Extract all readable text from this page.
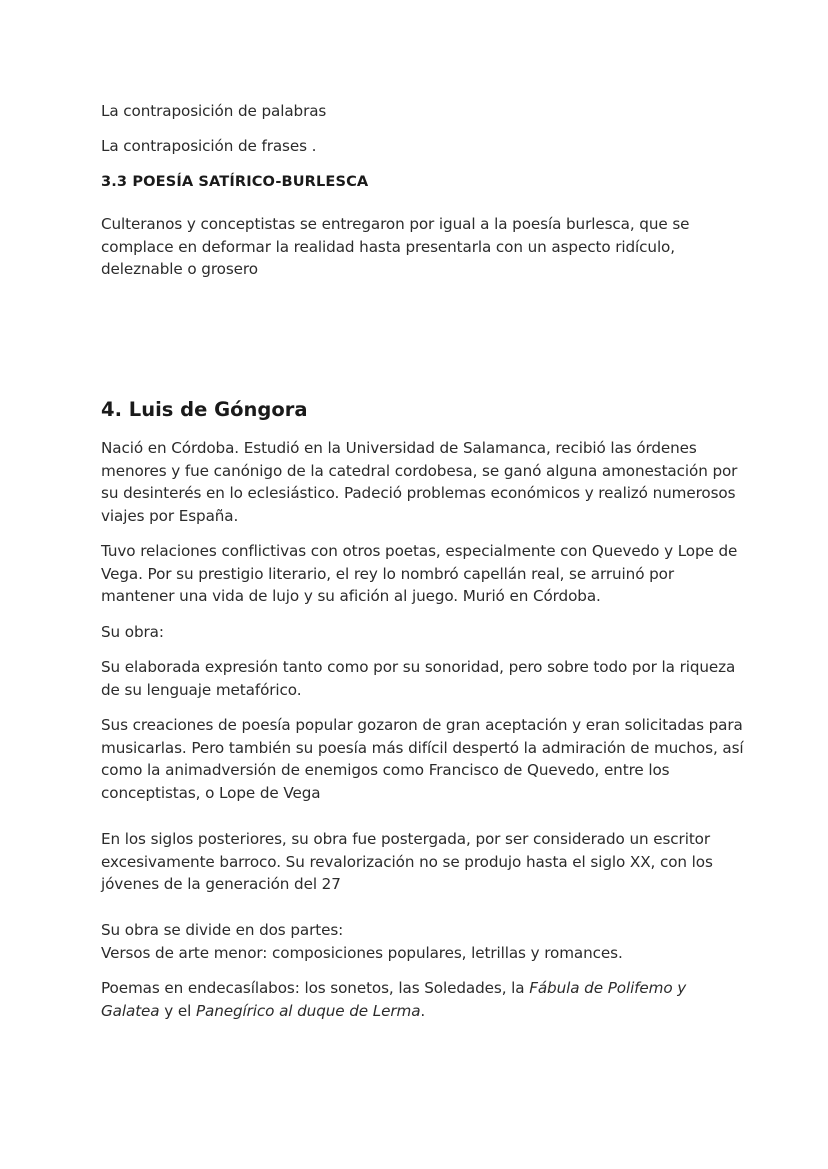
La contraposición de palabras

La contraposición de frases .

3.3 POESÍA SATÍRICO-BURLESCA

Culteranos y conceptistas se entregaron por igual a la poesía burlesca, que se
complace en deformar la realidad hasta presentarla con un aspecto ridículo,
deleznable o grosero

4. Luis de Góngora

Nació en Córdoba. Estudió en la Universidad de Salamanca, recibió las órdenes
menores y fue canónigo de la catedral cordobesa, se ganó alguna amonestación por
su desinterés en lo eclesiástico. Padeció problemas económicos y realizó numerosos
viajes por España.

Tuvo relaciones conflictivas con otros poetas, especialmente con Quevedo y Lope de
Vega. Por su prestigio literario, el rey lo nombró capellán real, se arruinó por
mantener una vida de lujo y su afición al juego. Murió en Córdoba.

Su obra:

Su elaborada expresión tanto como por su sonoridad, pero sobre todo por la riqueza
de su lenguaje metafórico.

Sus creaciones de poesía popular gozaron de gran aceptación y eran solicitadas para
musicarlas. Pero también su poesía más difícil despertó la admiración de muchos, así
como la animadversión de enemigos como Francisco de Quevedo, entre los
conceptistas, o Lope de Vega

En los siglos posteriores, su obra fue postergada, por ser considerado un escritor
excesivamente barroco. Su revalorización no se produjo hasta el siglo XX, con los
jóvenes de la generación del 27

Su obra se divide en dos partes:
Versos de arte menor: composiciones populares, letrillas y romances.

Poemas en endecasílabos: los sonetos, las Soledades, la Fábula de Polifemo y
Galatea y el Panegírico al duque de Lerma.
